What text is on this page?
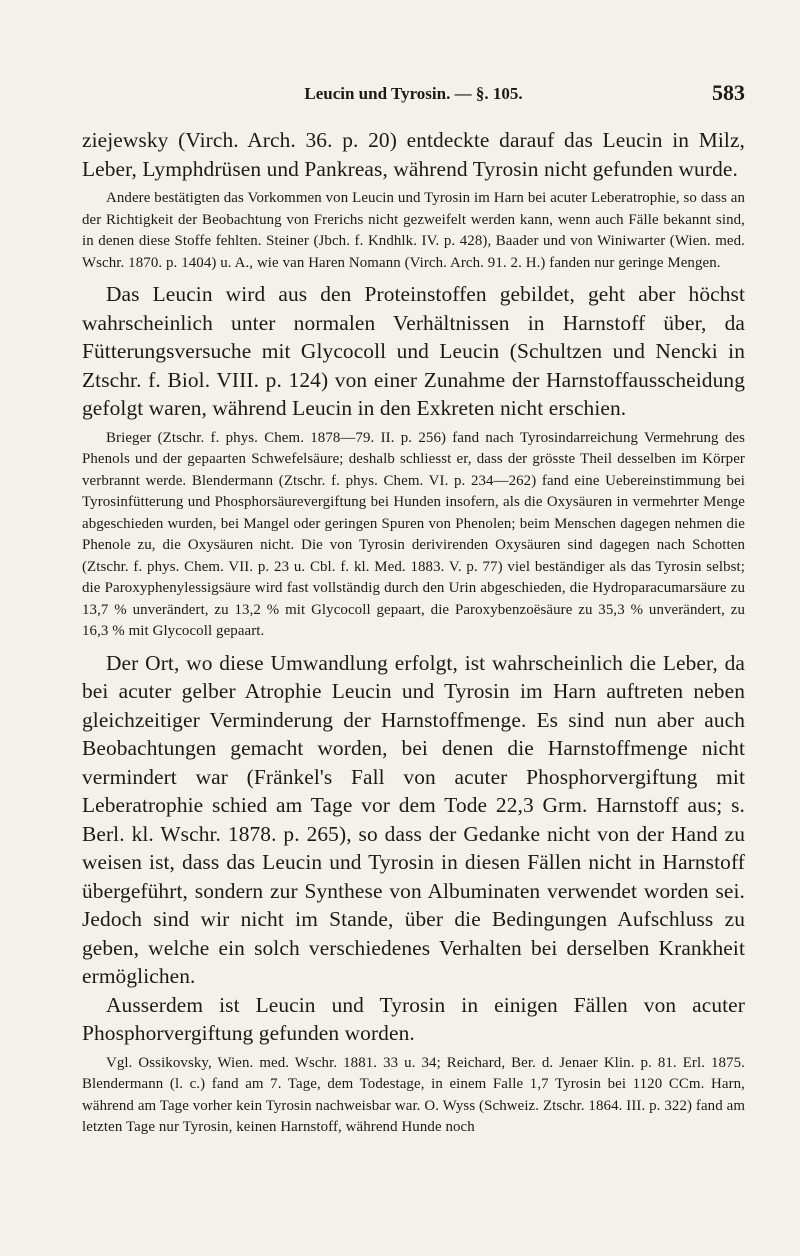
Leucin und Tyrosin. — §. 105.	583

ziejewsky (Virch. Arch. 36. p. 20) entdeckte darauf das Leucin in Milz, Leber, Lymphdrüsen und Pankreas, während Tyrosin nicht gefunden wurde.

Andere bestätigten das Vorkommen von Leucin und Tyrosin im Harn bei acuter Leberatrophie, so dass an der Richtigkeit der Beobachtung von Frerichs nicht gezweifelt werden kann, wenn auch Fälle bekannt sind, in denen diese Stoffe fehlten. Steiner (Jbch. f. Kndhlk. IV. p. 428), Baader und von Winiwarter (Wien. med. Wschr. 1870. p. 1404) u. A., wie van Haren Nomann (Virch. Arch. 91. 2. H.) fanden nur geringe Mengen.

Das Leucin wird aus den Proteinstoffen gebildet, geht aber höchst wahrscheinlich unter normalen Verhältnissen in Harnstoff über, da Fütterungsversuche mit Glycocoll und Leucin (Schultzen und Nencki in Ztschr. f. Biol. VIII. p. 124) von einer Zunahme der Harnstoffausscheidung gefolgt waren, während Leucin in den Exkreten nicht erschien.

Brieger (Ztschr. f. phys. Chem. 1878—79. II. p. 256) fand nach Tyrosindarreichung Vermehrung des Phenols und der gepaarten Schwefelsäure; deshalb schliesst er, dass der grösste Theil desselben im Körper verbrannt werde. Blendermann (Ztschr. f. phys. Chem. VI. p. 234—262) fand eine Uebereinstimmung bei Tyrosinfütterung und Phosphorsäurevergiftung bei Hunden insofern, als die Oxysäuren in vermehrter Menge abgeschieden wurden, bei Mangel oder geringen Spuren von Phenolen; beim Menschen dagegen nehmen die Phenole zu, die Oxysäuren nicht. Die von Tyrosin derivirenden Oxysäuren sind dagegen nach Schotten (Ztschr. f. phys. Chem. VII. p. 23 u. Cbl. f. kl. Med. 1883. V. p. 77) viel beständiger als das Tyrosin selbst; die Paroxyphenylessigsäure wird fast vollständig durch den Urin abgeschieden, die Hydroparacumarsäure zu 13,7 % unverändert, zu 13,2 % mit Glycocoll gepaart, die Paroxybenzoësäure zu 35,3 % unverändert, zu 16,3 % mit Glycocoll gepaart.

Der Ort, wo diese Umwandlung erfolgt, ist wahrscheinlich die Leber, da bei acuter gelber Atrophie Leucin und Tyrosin im Harn auftreten neben gleichzeitiger Verminderung der Harnstoffmenge. Es sind nun aber auch Beobachtungen gemacht worden, bei denen die Harnstoffmenge nicht vermindert war (Fränkel's Fall von acuter Phosphorvergiftung mit Leberatrophie schied am Tage vor dem Tode 22,3 Grm. Harnstoff aus; s. Berl. kl. Wschr. 1878. p. 265), so dass der Gedanke nicht von der Hand zu weisen ist, dass das Leucin und Tyrosin in diesen Fällen nicht in Harnstoff übergeführt, sondern zur Synthese von Albuminaten verwendet worden sei. Jedoch sind wir nicht im Stande, über die Bedingungen Aufschluss zu geben, welche ein solch verschiedenes Verhalten bei derselben Krankheit ermöglichen.

Ausserdem ist Leucin und Tyrosin in einigen Fällen von acuter Phosphorvergiftung gefunden worden.

Vgl. Ossikovsky, Wien. med. Wschr. 1881. 33 u. 34; Reichard, Ber. d. Jenaer Klin. p. 81. Erl. 1875. Blendermann (l. c.) fand am 7. Tage, dem Todestage, in einem Falle 1,7 Tyrosin bei 1120 CCm. Harn, während am Tage vorher kein Tyrosin nachweisbar war. O. Wyss (Schweiz. Ztschr. 1864. III. p. 322) fand am letzten Tage nur Tyrosin, keinen Harnstoff, während Hunde noch
